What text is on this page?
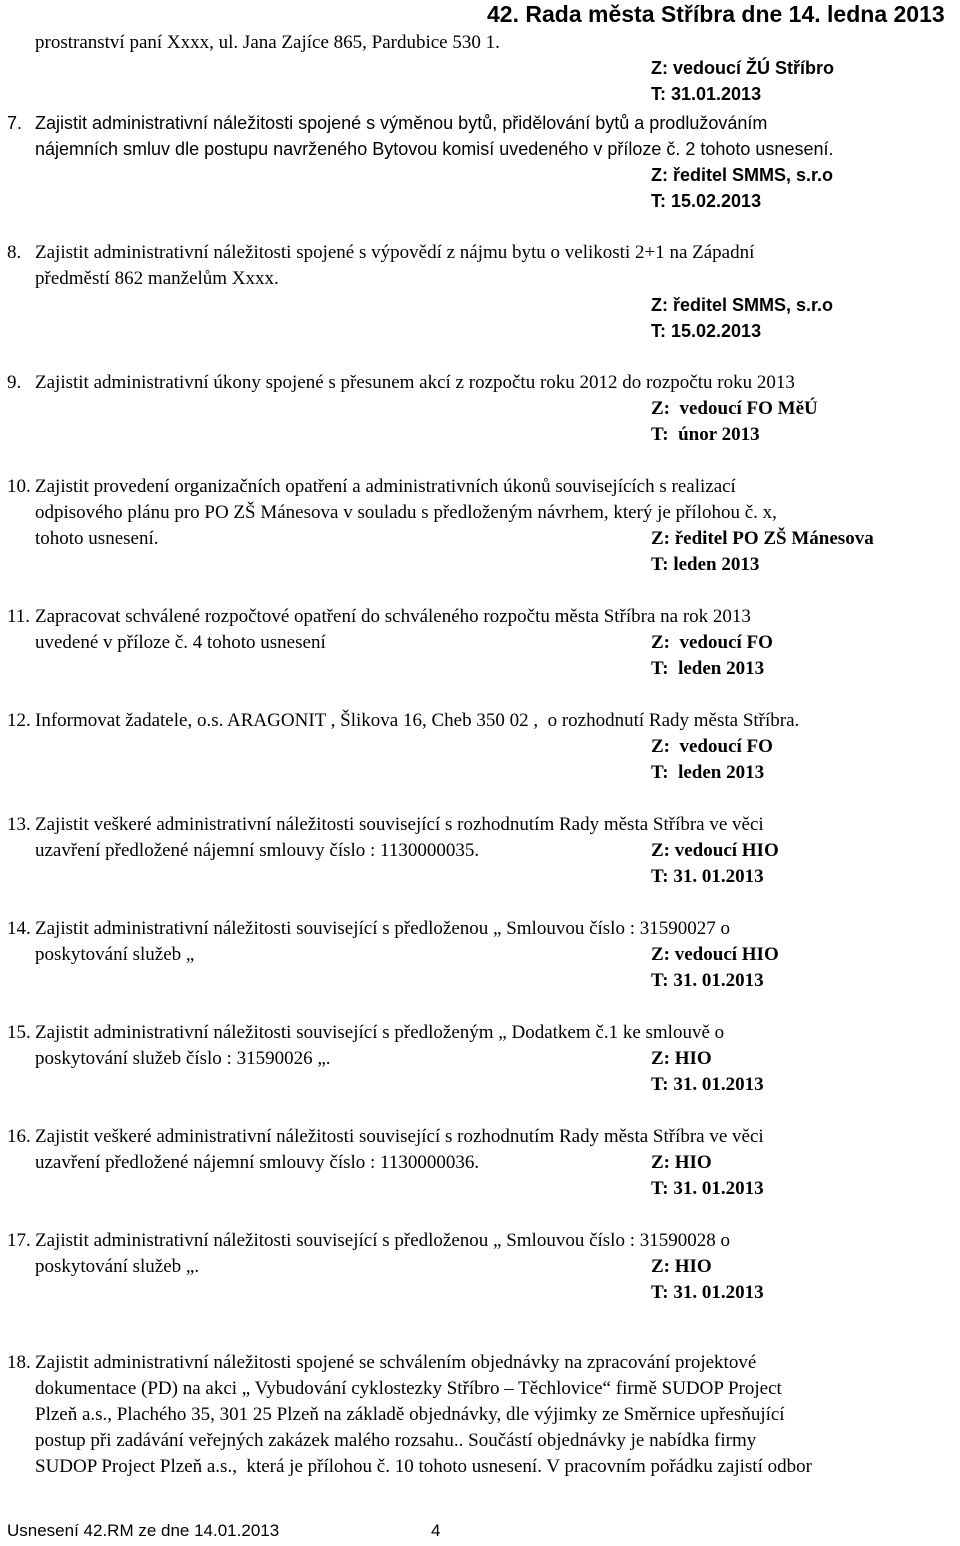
42. Rada města Stříbra dne 14. ledna 2013
prostranství paní Xxxx, ul. Jana Zajíce 865, Pardubice 530 1.
Z: vedoucí ŽÚ Stříbro
T: 31.01.2013
7. Zajistit administrativní náležitosti spojené s výměnou bytů, přidělování bytů a prodlužováním
nájemních smluv dle postupu navrženého Bytovou komisí uvedeného v příloze č. 2 tohoto usnesení.
Z: ředitel SMMS, s.r.o
T: 15.02.2013
8. Zajistit administrativní náležitosti spojené s výpovědí z nájmu bytu o velikosti 2+1 na Západní
předměstí 862 manželům Xxxx.
Z: ředitel SMMS, s.r.o
T: 15.02.2013
9. Zajistit administrativní úkony spojené s přesunem akcí z rozpočtu roku 2012 do rozpočtu roku 2013
Z:  vedoucí FO MěÚ
T:  únor 2013
10. Zajistit provedení organizačních opatření a administrativních úkonů souvisejících s realizací
odpisového plánu pro PO ZŠ Mánesova v souladu s předloženým návrhem, který je přílohou č. x,
tohoto usnesení.	Z: ředitel PO ZŠ Mánesova
T: leden 2013
11. Zapracovat schválené rozpočtové opatření do schváleného rozpočtu města Stříbra na rok 2013
uvedené v příloze č. 4 tohoto usnesení	Z:  vedoucí FO
T:  leden 2013
12. Informovat žadatele, o.s. ARAGONIT , Šlikova 16, Cheb 350 02 ,  o rozhodnutí Rady města Stříbra.
Z:  vedoucí FO
T:  leden 2013
13. Zajistit veškeré administrativní náležitosti související s rozhodnutím Rady města Stříbra ve věci
uzavření předložené nájemní smlouvy číslo : 1130000035.	Z: vedoucí HIO
T: 31. 01.2013
14. Zajistit administrativní náležitosti související s předloženou „ Smlouvou číslo : 31590027 o
poskytování služeb „	Z: vedoucí HIO
T: 31. 01.2013
15. Zajistit administrativní náležitosti související s předloženým „ Dodatkem č.1 ke smlouvě o
poskytování služeb číslo : 31590026 „.	Z: HIO
T: 31. 01.2013
16. Zajistit veškeré administrativní náležitosti související s rozhodnutím Rady města Stříbra ve věci
uzavření předložené nájemní smlouvy číslo : 1130000036.	Z: HIO
T: 31. 01.2013
17. Zajistit administrativní náležitosti související s předloženou „ Smlouvou číslo : 31590028 o
poskytování služeb „.	Z: HIO
T: 31. 01.2013
18. Zajistit administrativní náležitosti spojené se schválením objednávky na zpracování projektové
dokumentace (PD) na akci „ Vybudování cyklostezky Stříbro – Těchlovice“ firmě SUDOP Project
Plzeň a.s., Plachého 35, 301 25 Plzeň na základě objednávky, dle výjimky ze Směrnice upřesňující
postup při zadávání veřejných zakázek malého rozsahu.. Součástí objednávky je nabídka firmy
SUDOP Project Plzeň a.s.,  která je přílohou č. 10 tohoto usnesení. V pracovním pořádku zajistí odbor
Usnesení 42.RM ze dne 14.01.2013	4
